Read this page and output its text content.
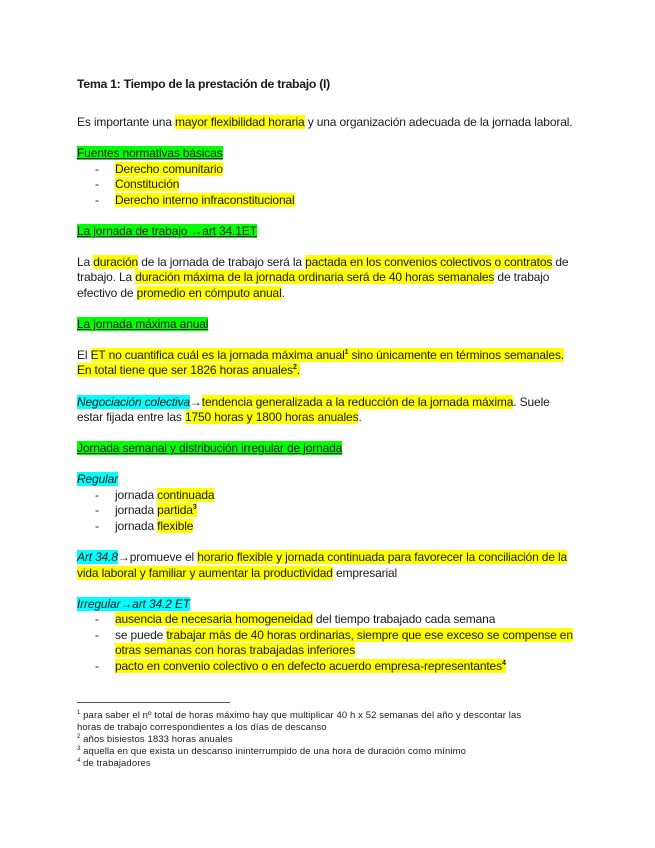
Tema 1: Tiempo de la prestación de trabajo (I)
Es importante una mayor flexibilidad horaria y una organización adecuada de la jornada laboral.
Fuentes normativas básicas
- Derecho comunitario
- Constitución
- Derecho interno infraconstitucional
La jornada de trabajo →art 34.1ET
La duración de la jornada de trabajo será la pactada en los convenios colectivos o contratos de
trabajo. La duración máxima de la jornada ordinaria será de 40 horas semanales de trabajo
efectivo de promedio en cómputo anual.
La jornada máxima anual
El ET no cuantifica cuál es la jornada máxima anual$^1$ sino únicamente en términos semanales.
En total tiene que ser 1826 horas anuales$^2$.
Negociación colectiva→tendencia generalizada a la reducción de la jornada máxima. Suele
estar fijada entre las 1750 horas y 1800 horas anuales.
Jornada semanal y distribución irregular de jornada
Regular
- jornada continuada
- jornada partida$^3$
- jornada flexible
Art 34.8→promueve el horario flexible y jornada continuada para favorecer la conciliación de la
vida laboral y familiar y aumentar la productividad empresarial
Irregular→art 34.2 ET
- ausencia de necesaria homogeneidad del tiempo trabajado cada semana
- se puede trabajar más de 40 horas ordinarias, siempre que ese exceso se compense en
otras semanas con horas trabajadas inferiores
- pacto en convenio colectivo o en defecto acuerdo empresa-representantes$^4$
$^1$ para saber el nº total de horas máximo hay que multiplicar 40 h x 52 semanas del año y descontar las
horas de trabajo correspondientes a los días de descanso
$^2$ años bisiestos 1833 horas anuales
$^3$ aquella en que exista un descanso ininterrumpido de una hora de duración como mínimo
$^4$ de trabajadores
